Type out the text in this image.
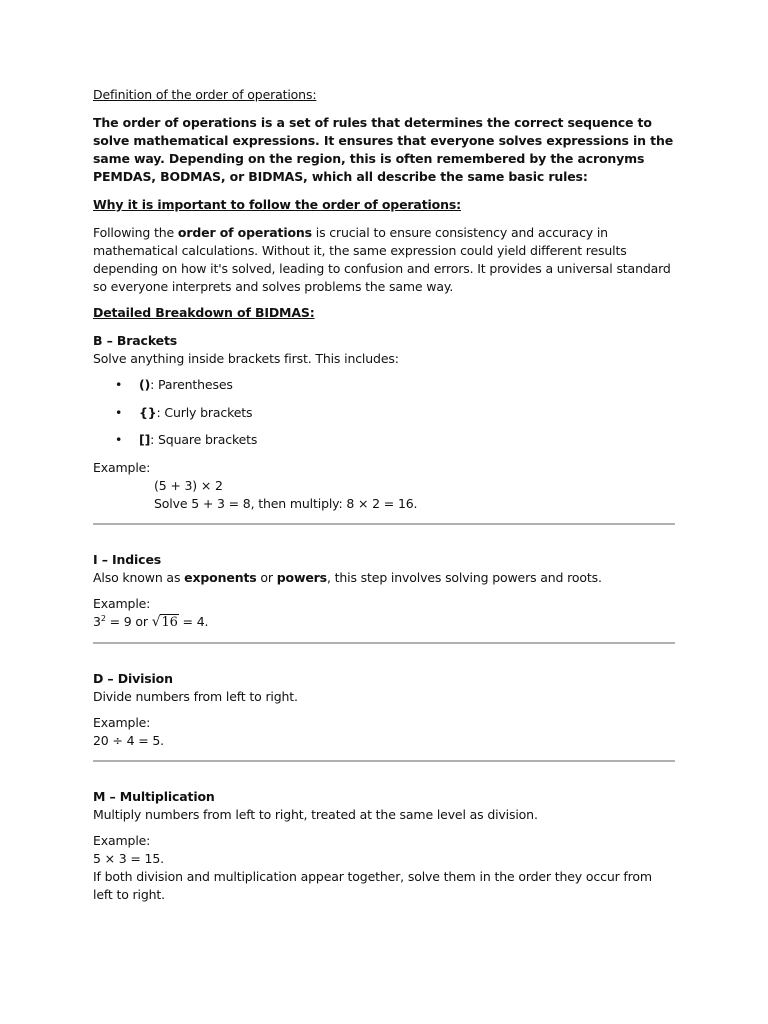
Definition of the order of operations:

The order of operations is a set of rules that determines the correct sequence to solve mathematical expressions. It ensures that everyone solves expressions in the same way. Depending on the region, this is often remembered by the acronyms PEMDAS, BODMAS, or BIDMAS, which all describe the same basic rules:

Why it is important to follow the order of operations:

Following the order of operations is crucial to ensure consistency and accuracy in mathematical calculations. Without it, the same expression could yield different results depending on how it's solved, leading to confusion and errors. It provides a universal standard so everyone interprets and solves problems the same way.

Detailed Breakdown of BIDMAS:

B – Brackets

Solve anything inside brackets first. This includes:

• (): Parentheses
• {}: Curly brackets
• []: Square brackets

Example:

(5 + 3) × 2

Solve 5 + 3 = 8, then multiply: 8 × 2 = 16.

I – Indices

Also known as exponents or powers, this step involves solving powers and roots.

Example:

$3^2 = 9$ or √16 = 4.

D – Division

Divide numbers from left to right.

Example:

20 ÷ 4 = 5.

M – Multiplication

Multiply numbers from left to right, treated at the same level as division.

Example:

5 × 3 = 15.

If both division and multiplication appear together, solve them in the order they occur from left to right.
